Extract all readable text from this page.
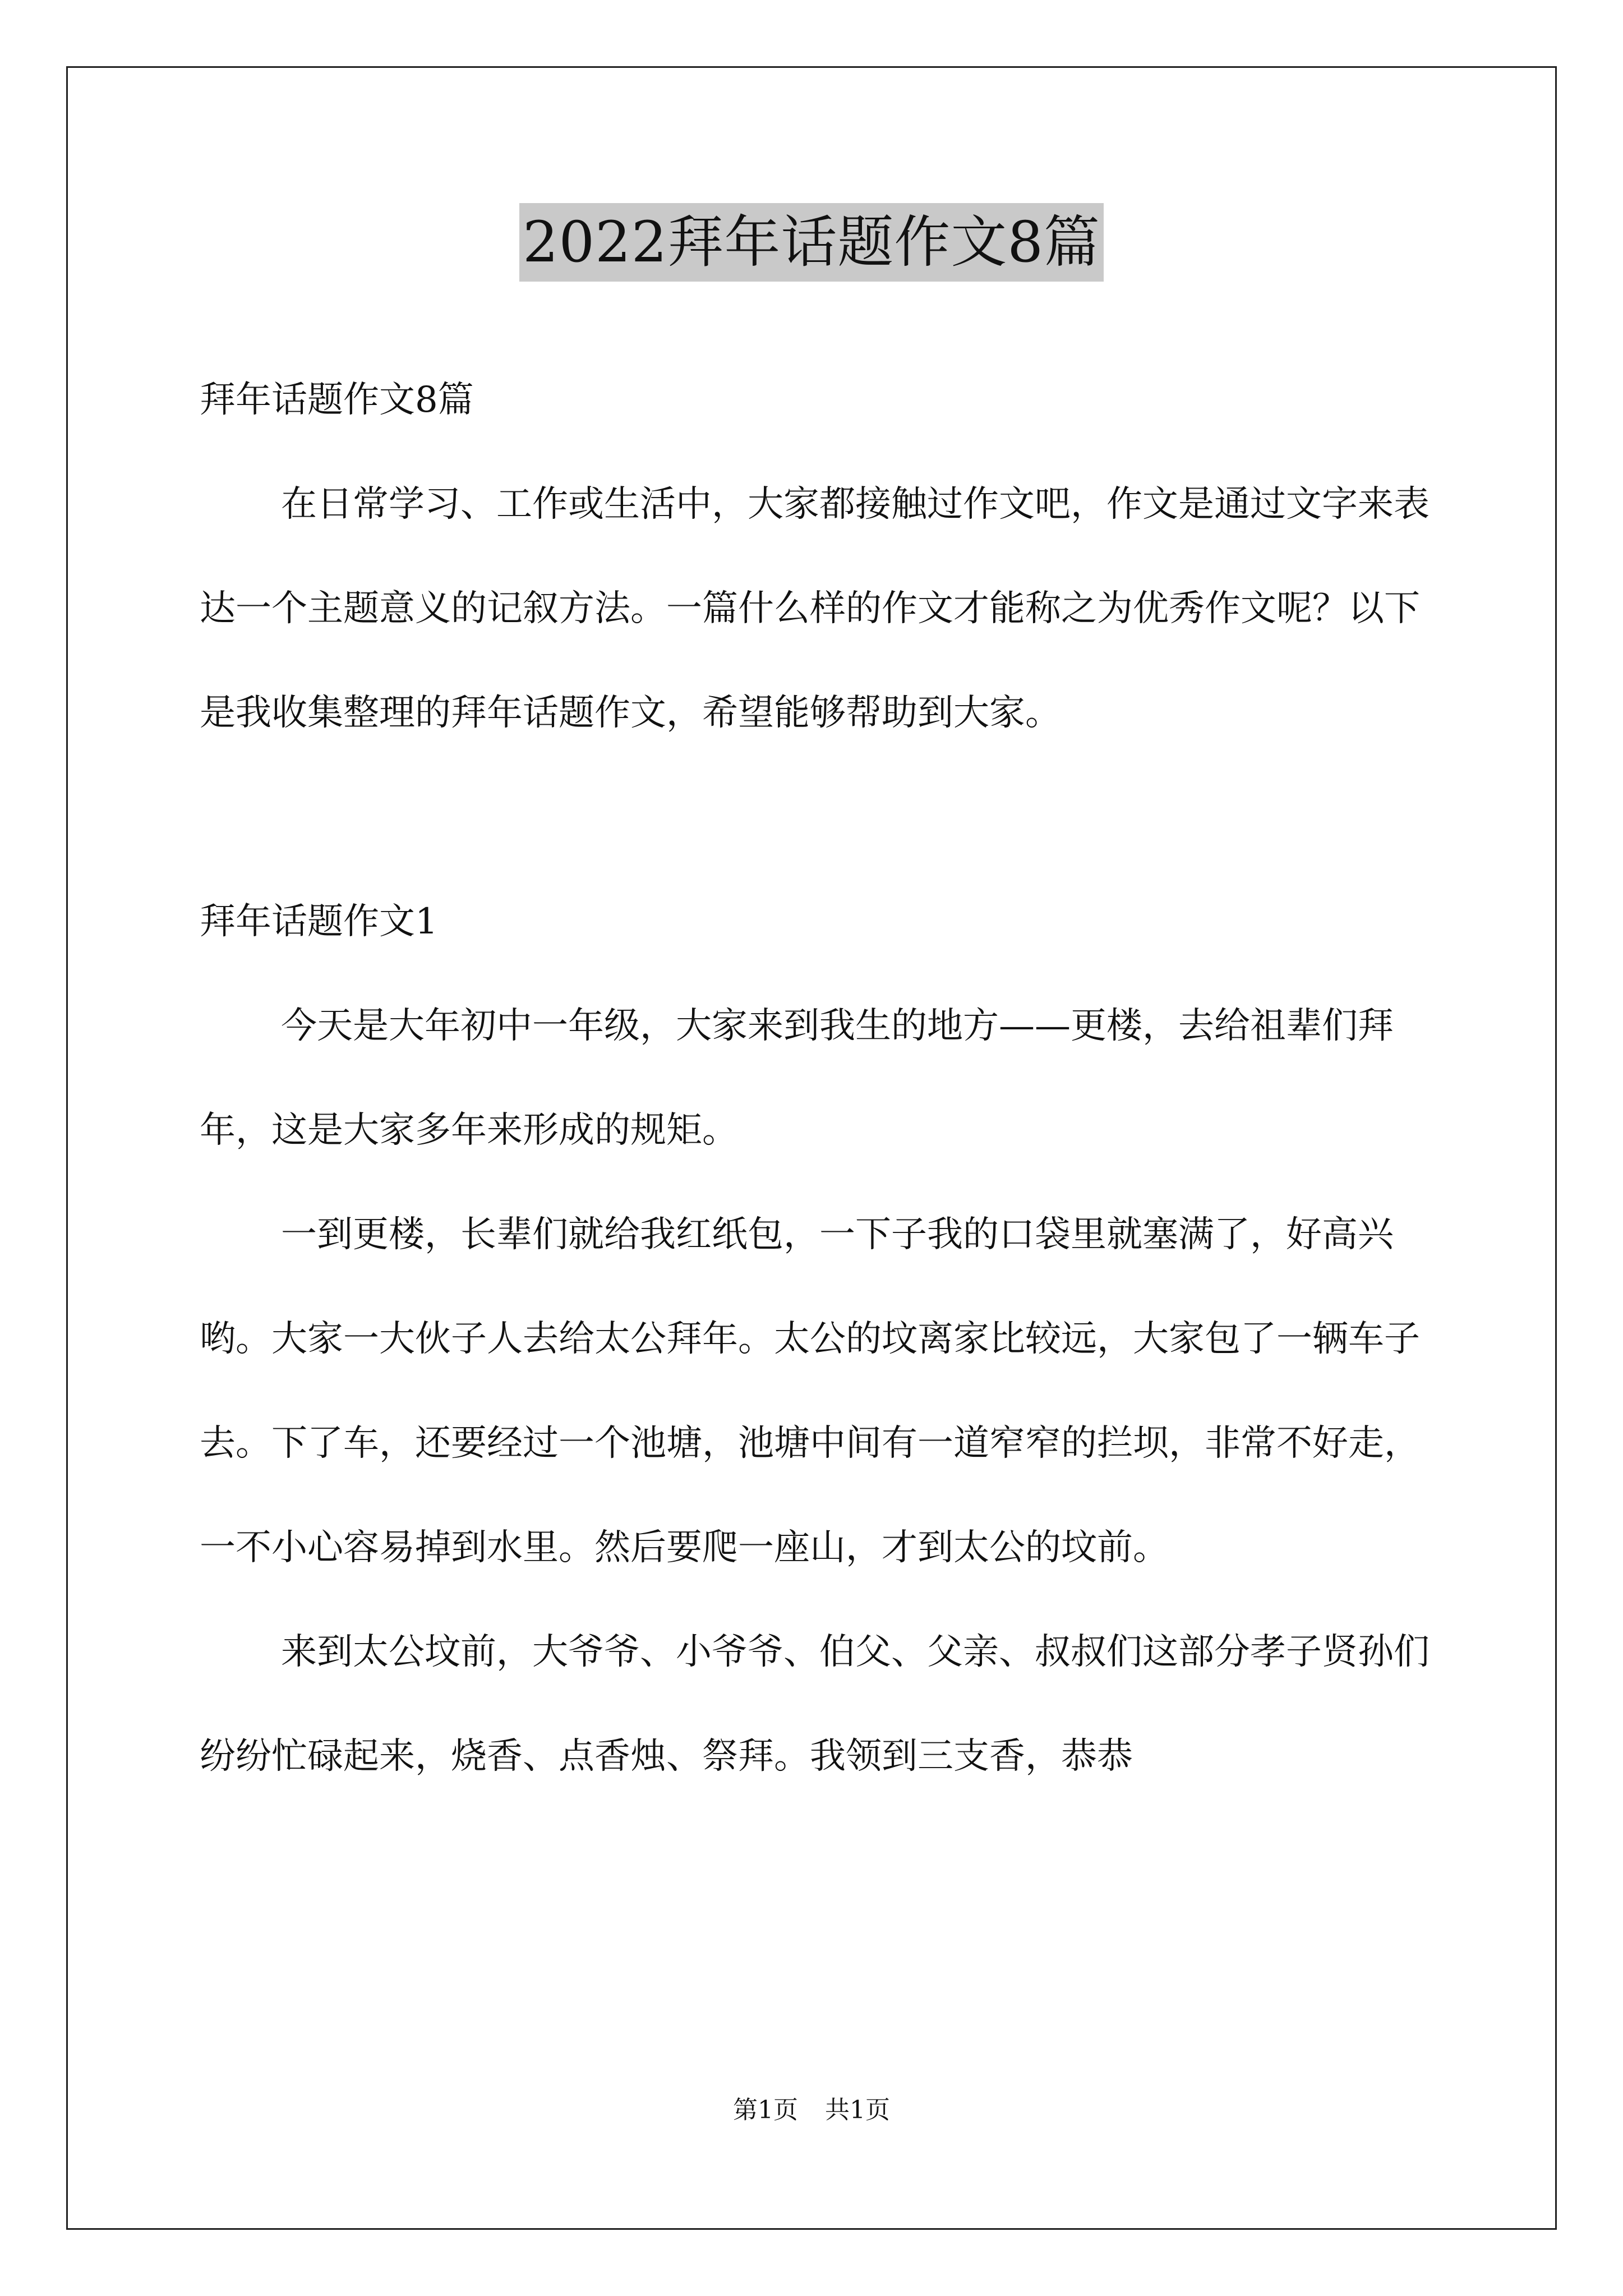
2022拜年话题作文8篇

拜年话题作文8篇

在日常学习、工作或生活中，大家都接触过作文吧，作文是通过文字来表达一个主题意义的记叙方法。一篇什么样的作文才能称之为优秀作文呢？以下是我收集整理的拜年话题作文，希望能够帮助到大家。

拜年话题作文1

今天是大年初中一年级，大家来到我生的地方——更楼，去给祖辈们拜年，这是大家多年来形成的规矩。

一到更楼，长辈们就给我红纸包，一下子我的口袋里就塞满了，好高兴哟。大家一大伙子人去给太公拜年。太公的坟离家比较远，大家包了一辆车子去。下了车，还要经过一个池塘，池塘中间有一道窄窄的拦坝，非常不好走，一不小心容易掉到水里。然后要爬一座山，才到太公的坟前。

来到太公坟前，大爷爷、小爷爷、伯父、父亲、叔叔们这部分孝子贤孙们纷纷忙碌起来，烧香、点香烛、祭拜。我领到三支香，恭恭

第1页 共1页
